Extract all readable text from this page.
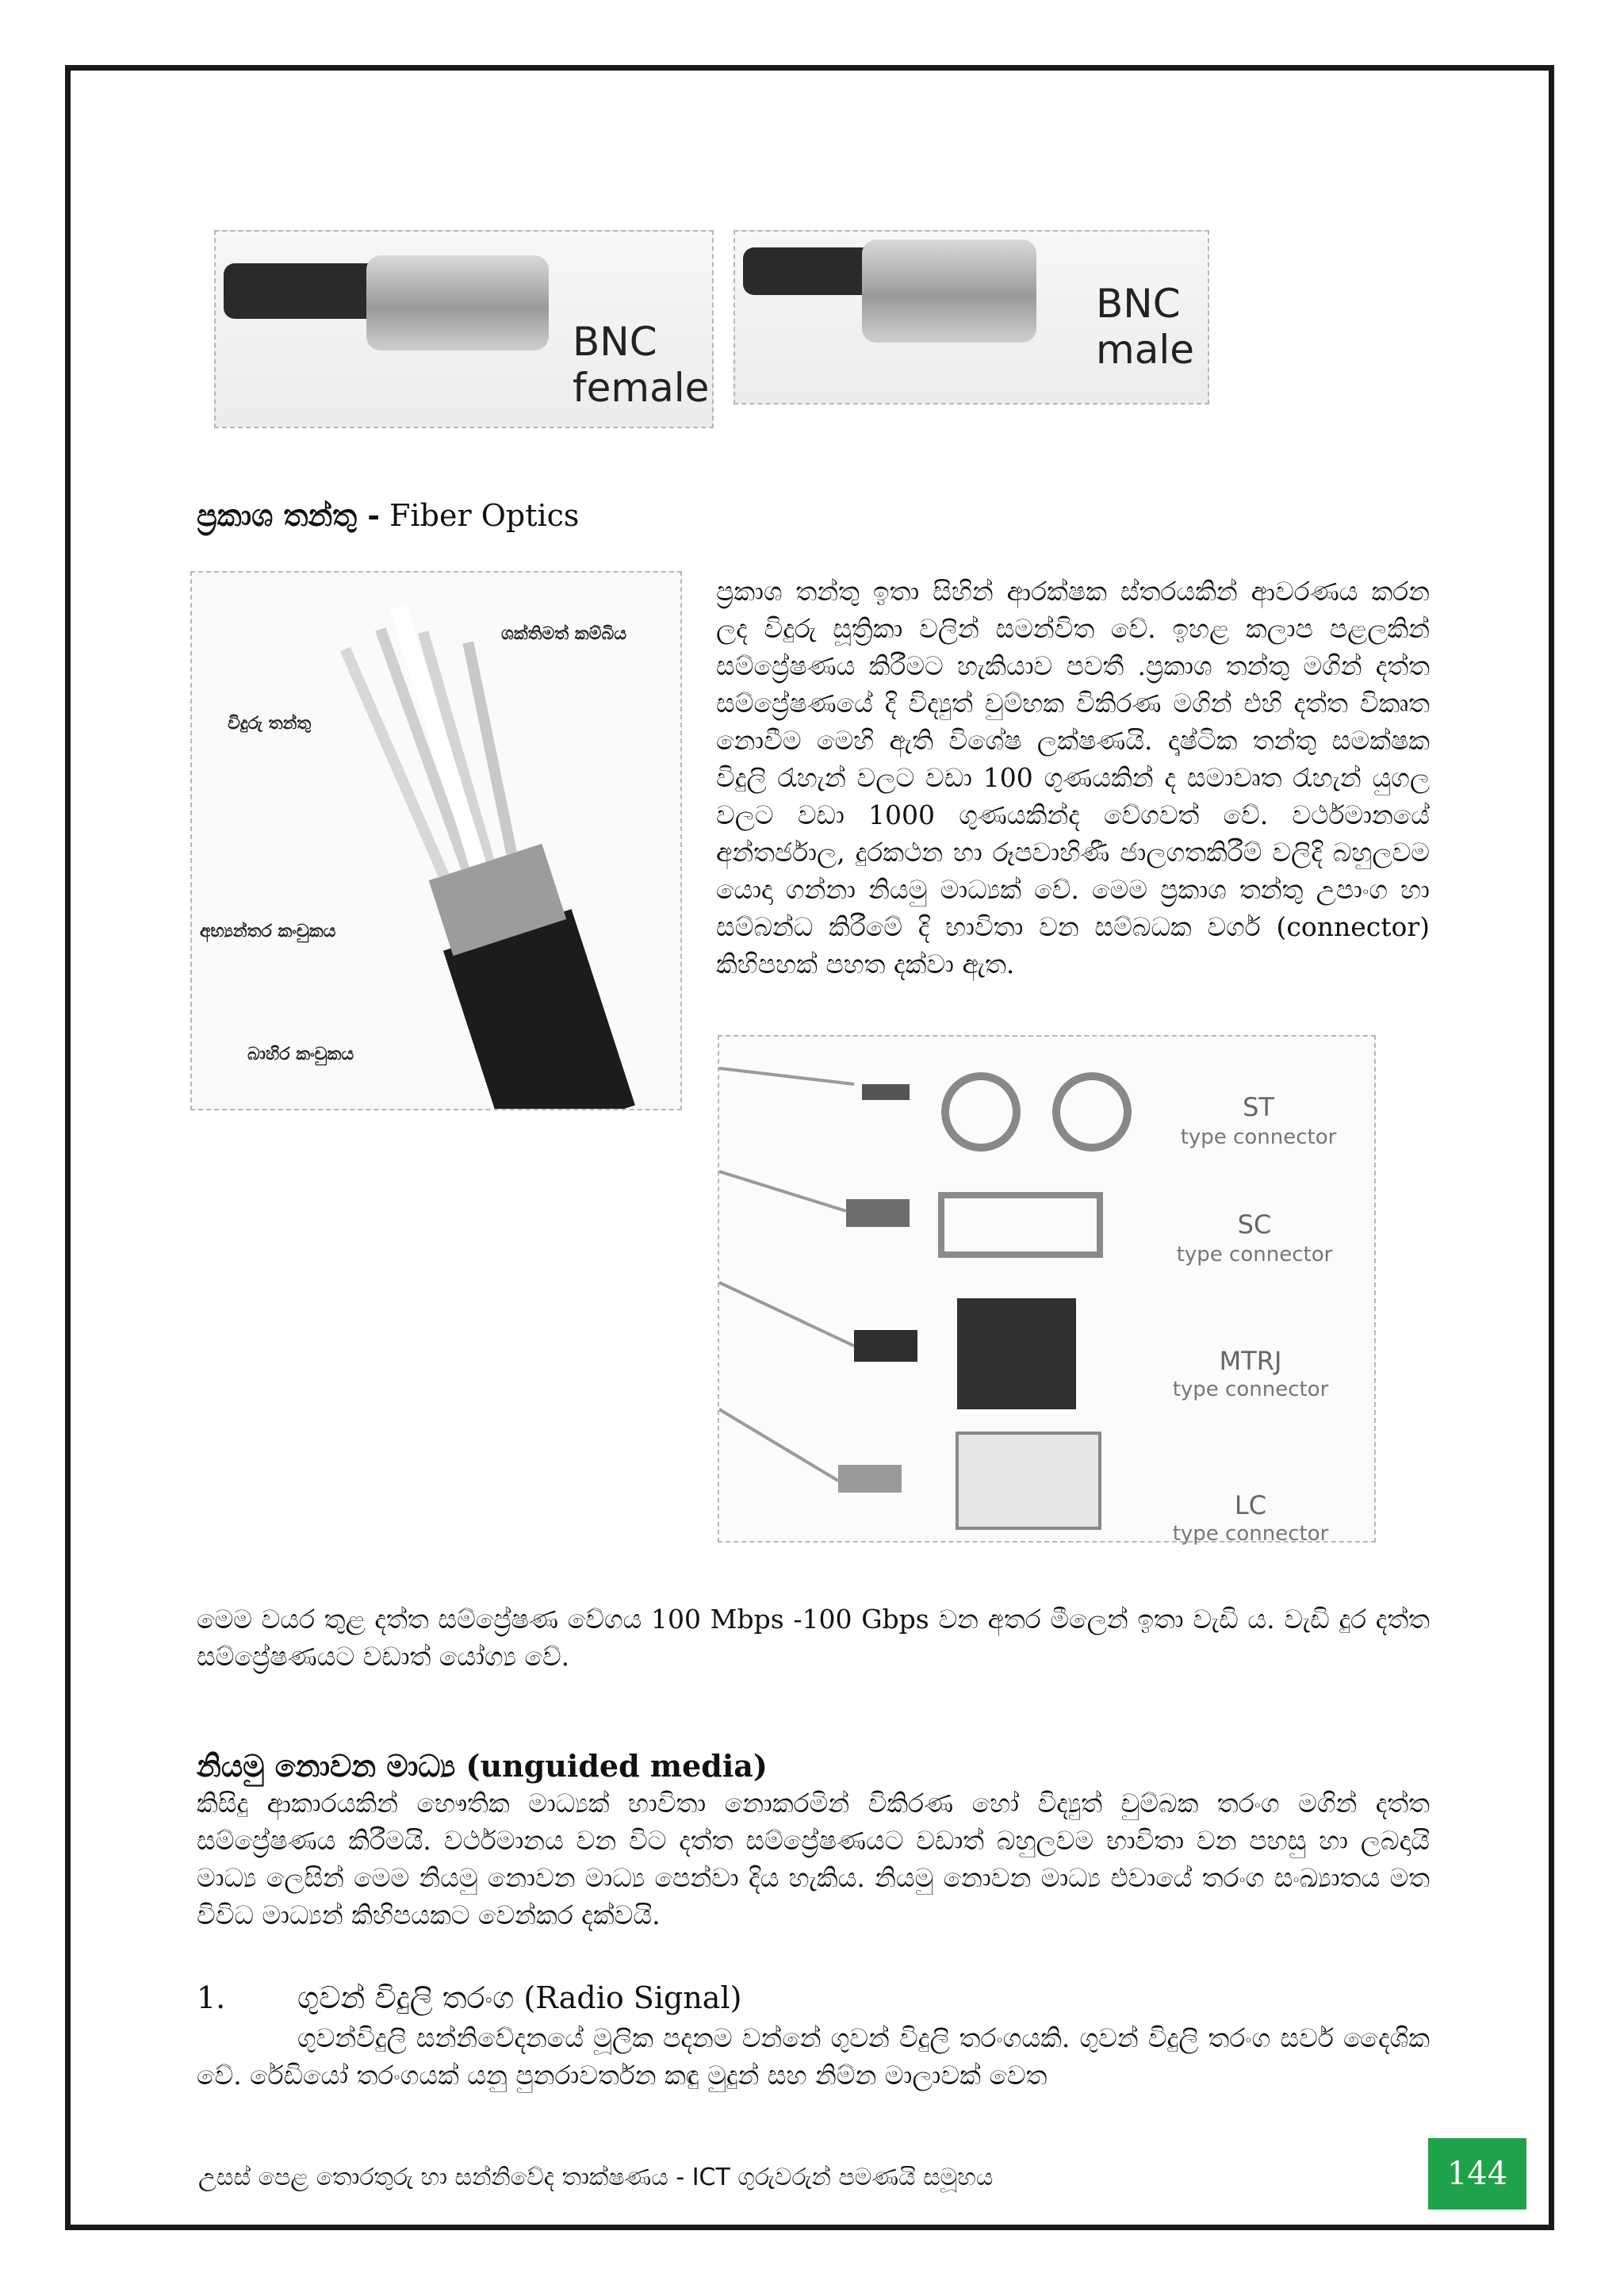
BNC
female
BNC
male
ප්‍රකාශ තන්තු - Fiber Optics
ශක්තිමත් කම්බිය
විදුරු තන්තු
අභ්‍යන්තර කංචුකය
බාහිර කංචුකය
ප්‍රකාශ තන්තු ඉතා සිහින් ආරක්ෂක ස්තරයකින් ආවරණය කරන ලද විදුරු සූත්‍රිකා වලින් සමන්විත වේ. ඉහළ කලාප පළලකින් සම්ප්‍රේෂණය කිරීමට හැකියාව පවතී .ප්‍රකාශ තන්තු මගින් දත්ත සම්ප්‍රේෂණයේ දි විද්‍යුත් චුම්භක විකිරණ මගින් එහි දත්ත විකෘත නොවීම මෙහි ඇති විශේෂ ලක්ෂණයි. දෘෂ්ටික තන්තු සමක්ෂක විදුලි රැහැන් වලට වඩා 100 ගුණයකින් ද සමාවෘත රැහැන් යුගල වලට වඩා 1000 ගුණයකින්ද වේගවත් වේ. වර්ථමානයේ අන්තර්ජාල, දුරකථන හා රූපවාහිණී ජාලගතකිරීම් වලිදි බහුලවම යොදා ගන්නා නියමු මාධ්‍යක් වේ. මෙම ප්‍රකාශ තන්තු උපාංග හා සම්බන්ධ කිරීමේ දි භාවිතා වන සම්බධක වර්ග (connector) කිහිපහක් පහත දක්වා ඇත.
ST
type connector
SC
type connector
MTRJ
type connector
LC
type connector
මෙම වයර තුළ දත්ත සම්ප්‍රේෂණ වේගය 100 Mbps -100 Gbps වන අතර මීලෙන් ඉතා වැඩි ය. වැඩි දුර දත්ත සම්ප්‍රේෂණයට වඩාත් යෝග්‍ය වේ.
නියමු නොවන මාධ්‍ය (unguided media)
කිසිදු ආකාරයකින් භෞතික මාධ්‍යක් භාවිතා නොකරමින් විකිරණ හෝ විද්‍යුත් චුම්බක තරංග මගින් දත්ත සම්ප්‍රේෂණය කිරීමයි. වර්ථමානය වන විට දත්ත සම්ප්‍රේෂණයට වඩාත් බහුලවම භාවිතා වන පහසු හා ලබදායි මාධ්‍ය ලෙසින් මෙම නියමු නොවන මාධ්‍ය පෙන්වා දිය හැකිය. නියමු නොවන මාධ්‍ය එවායේ තරංග සංඛ්‍යාතය මත විවිධ මාධ්‍යන් කිහිපයකට වෙන්කර දක්වයි.
1. ගුවන් විදුලි තරංග (Radio Signal)
ගුවන්විදුලි සන්නිවේදනයේ මූලික පදනම වන්නේ ගුවන් විදුලි තරංගයකි. ගුවන් විදුලි තරංග සර්ව දෛශික වේ. රේඩියෝ තරංගයක් යනු පුනරාවර්තන කඳු මුදුන් සහ නිම්න මාලාවක් වෙත
උසස් පෙළ තොරතුරු හා සන්නිවේද තාක්ෂණය - ICT ගුරුවරුන් පමණයි සමූහය	144
